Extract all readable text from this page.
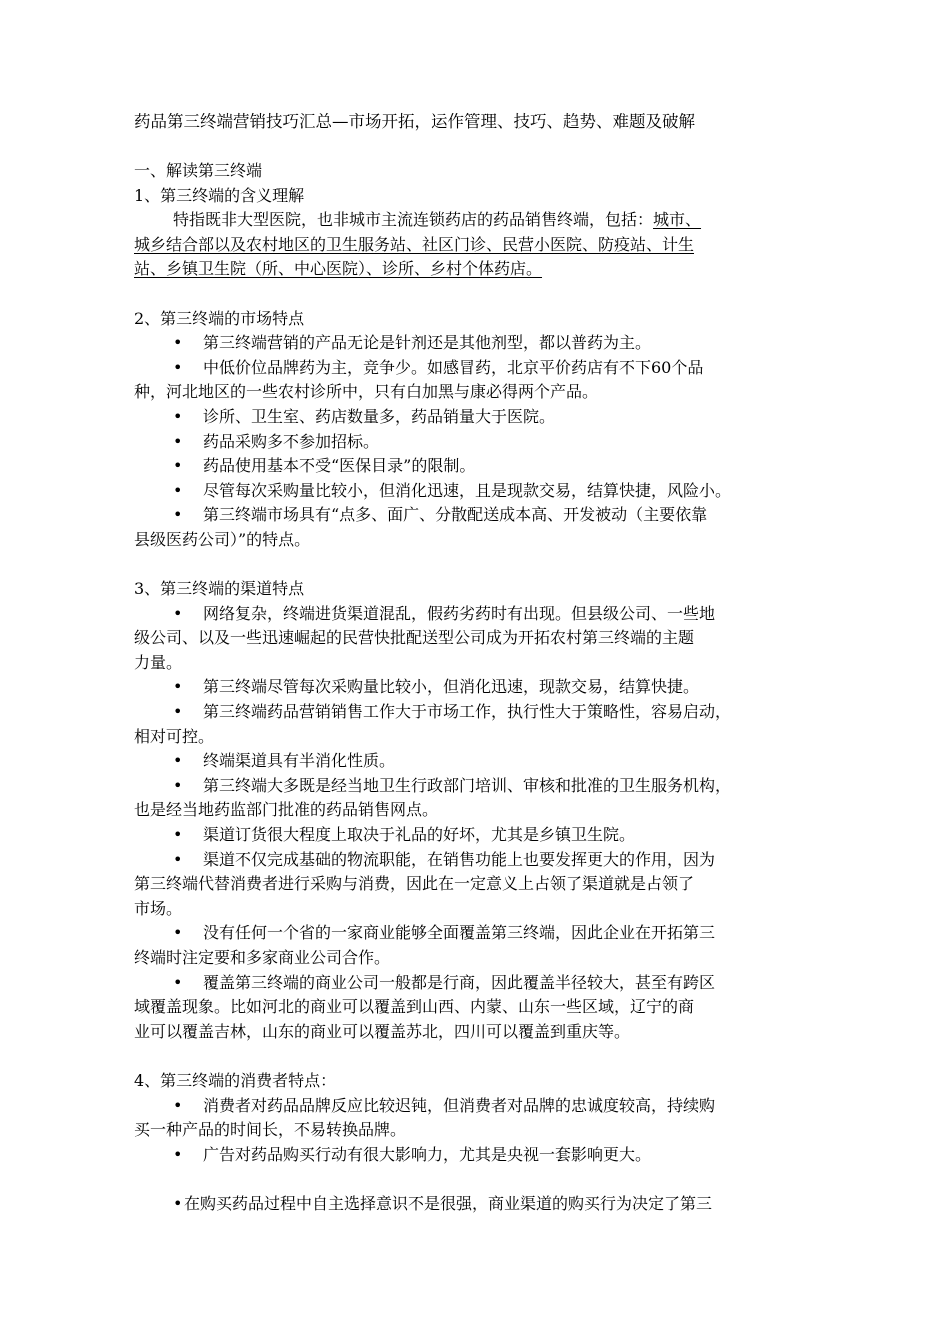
药品第三终端营销技巧汇总—市场开拓，运作管理、技巧、趋势、难题及破解
一、解读第三终端
1、第三终端的含义理解
特指既非大型医院，也非城市主流连锁药店的药品销售终端，包括：城市、
城乡结合部以及农村地区的卫生服务站、社区门诊、民营小医院、防疫站、计生
站、乡镇卫生院（所、中心医院）、诊所、乡村个体药店。
2、第三终端的市场特点
• 第三终端营销的产品无论是针剂还是其他剂型，都以普药为主。
• 中低价位品牌药为主，竞争少。如感冒药，北京平价药店有不下60个品
种，河北地区的一些农村诊所中，只有白加黑与康必得两个产品。
• 诊所、卫生室、药店数量多，药品销量大于医院。
• 药品采购多不参加招标。
• 药品使用基本不受“医保目录”的限制。
• 尽管每次采购量比较小，但消化迅速，且是现款交易，结算快捷，风险小。
• 第三终端市场具有“点多、面广、分散配送成本高、开发被动（主要依靠
县级医药公司）”的特点。
3、第三终端的渠道特点
• 网络复杂，终端进货渠道混乱，假药劣药时有出现。但县级公司、一些地
级公司、以及一些迅速崛起的民营快批配送型公司成为开拓农村第三终端的主题
力量。
• 第三终端尽管每次采购量比较小，但消化迅速，现款交易，结算快捷。
• 第三终端药品营销销售工作大于市场工作，执行性大于策略性，容易启动，
相对可控。
• 终端渠道具有半消化性质。
• 第三终端大多既是经当地卫生行政部门培训、审核和批准的卫生服务机构，
也是经当地药监部门批准的药品销售网点。
• 渠道订货很大程度上取决于礼品的好坏，尤其是乡镇卫生院。
• 渠道不仅完成基础的物流职能，在销售功能上也要发挥更大的作用，因为
第三终端代替消费者进行采购与消费，因此在一定意义上占领了渠道就是占领了
市场。
• 没有任何一个省的一家商业能够全面覆盖第三终端，因此企业在开拓第三
终端时注定要和多家商业公司合作。
• 覆盖第三终端的商业公司一般都是行商，因此覆盖半径较大，甚至有跨区
域覆盖现象。比如河北的商业可以覆盖到山西、内蒙、山东一些区域，辽宁的商
业可以覆盖吉林，山东的商业可以覆盖苏北，四川可以覆盖到重庆等。
4、第三终端的消费者特点：
• 消费者对药品品牌反应比较迟钝，但消费者对品牌的忠诚度较高，持续购
买一种产品的时间长，不易转换品牌。
• 广告对药品购买行动有很大影响力，尤其是央视一套影响更大。
•在购买药品过程中自主选择意识不是很强，商业渠道的购买行为决定了第三
